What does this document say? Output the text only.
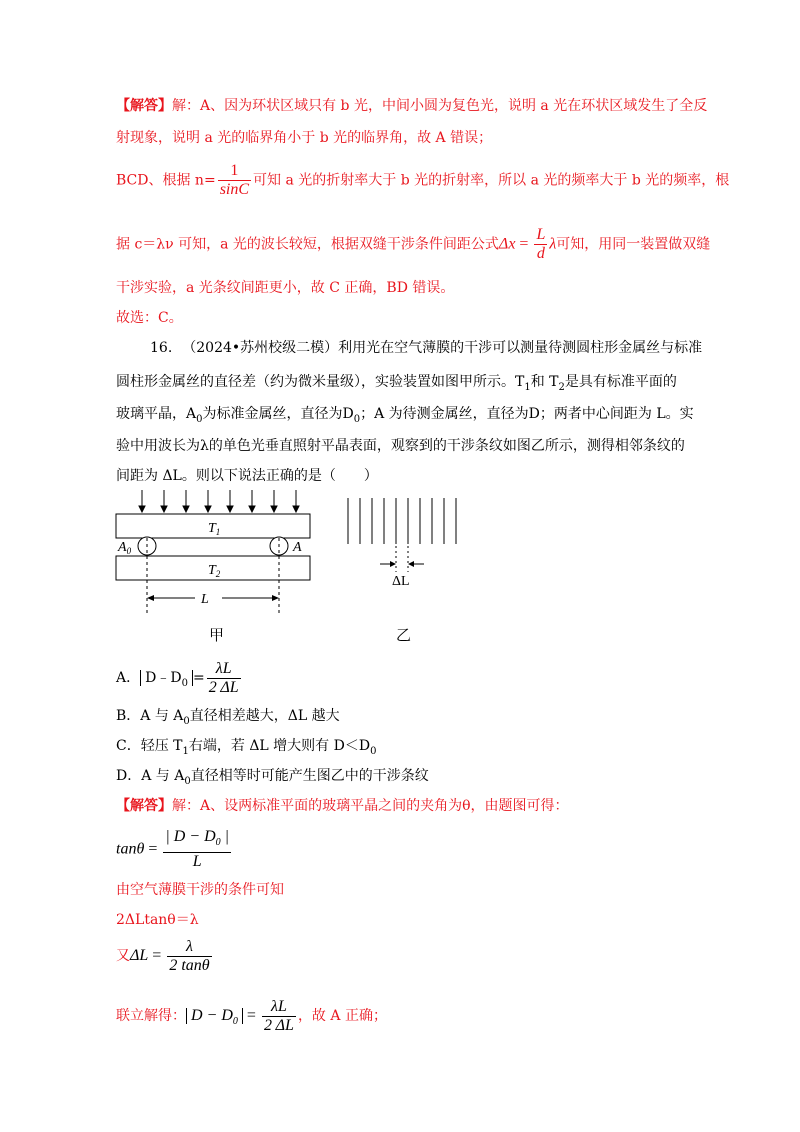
【解答】解：A、因为环状区域只有 b 光，中间小圆为复色光，说明 a 光在环状区域发生了全反
射现象，说明 a 光的临界角小于 b 光的临界角，故 A 错误；
BCD、根据 $n= \frac{1}{\sin C}$ 可知 a 光的折射率大于 b 光的折射率，所以 a 光的频率大于 b 光的频率，根
据 c＝λν 可知，a 光的波长较短，根据双缝干涉条件间距公式$\Delta x = \frac{L}{d}$ λ可知，用同一装置做双缝
干涉实验，a 光条纹间距更小，故 C 正确，BD 错误。
故选：C。
16. （2024•苏州校级二模）利用光在空气薄膜的干涉可以测量待测圆柱形金属丝与标准
圆柱形金属丝的直径差（约为微米量级），实验装置如图甲所示。$T_1$和 $T_2$是具有标准平面的
玻璃平晶，$A_0$为标准金属丝，直径为$D_0$；A 为待测金属丝，直径为D；两者中心间距为 L。实
验中用波长为λ的单色光垂直照射平晶表面，观察到的干涉条纹如图乙所示，测得相邻条纹的
间距为 ΔL。则以下说法正确的是（　　）
$T_1$
$T_2$
$A_0$	A
L
甲
ΔL
乙
A． $D﹣D_0 = \frac{\lambda L}{2 \Delta L}$
B．A 与 $A_0$直径相差越大，ΔL 越大
C．轻压 $T_1$右端，若 ΔL 增大则有 $D<D_0$
D．A 与 $A_0$直径相等时可能产生图乙中的干涉条纹
【解答】解：A、设两标准平面的玻璃平晶之间的夹角为θ，由题图可得：
$\tan\theta = \frac{| D - D_0 |}{L}$
由空气薄膜干涉的条件可知
2ΔLtanθ＝λ
又$\Delta L = \frac{\lambda}{2 \tan\theta}$
联立解得： $D - D_0 = \frac{\lambda L}{2 \Delta L}$ ，故 A 正确；
